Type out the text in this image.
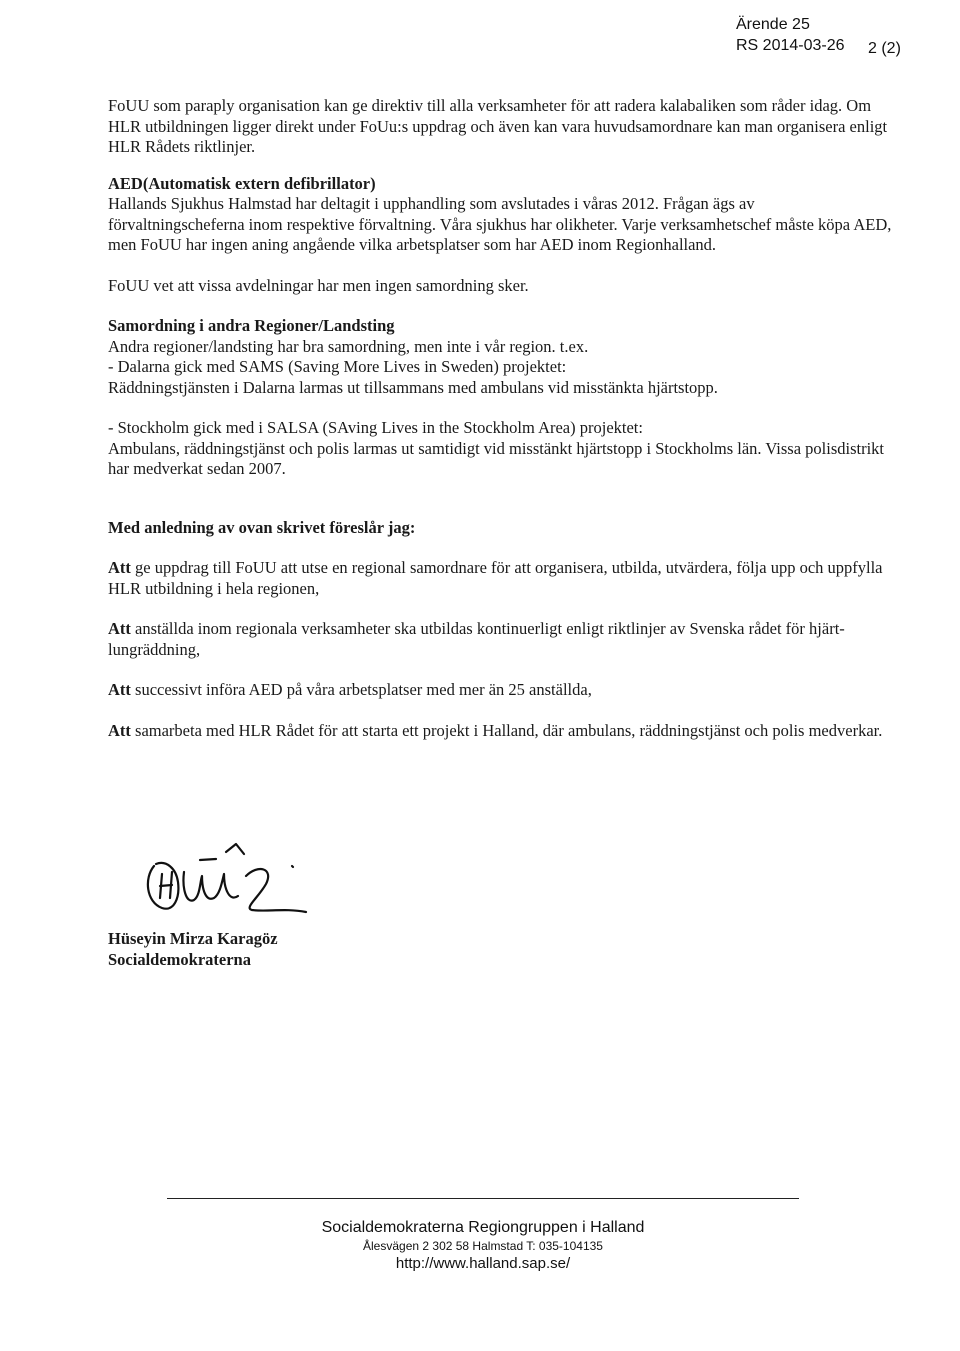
Ärende 25
RS 2014-03-26 2 (2)

FoUU som paraply organisation kan ge direktiv till alla verksamheter för att radera kalabaliken som råder idag. Om HLR utbildningen ligger direkt under FoUu:s uppdrag och även kan vara huvudsamordnare kan man organisera enligt HLR Rådets riktlinjer.

AED(Automatisk extern defibrillator)

Hallands Sjukhus Halmstad har deltagit i upphandling som avslutades i våras 2012. Frågan ägs av förvaltningscheferna inom respektive förvaltning. Våra sjukhus har olikheter. Varje verksamhetschef måste köpa AED, men FoUU har ingen aning angående vilka arbetsplatser som har AED inom Regionhalland.

FoUU vet att vissa avdelningar har men ingen samordning sker.

Samordning i andra Regioner/Landsting

Andra regioner/landsting har bra samordning, men inte i vår region. t.ex.

- Dalarna gick med SAMS (Saving More Lives in Sweden) projektet:

Räddningstjänsten i Dalarna larmas ut tillsammans med ambulans vid misstänkta hjärtstopp.

- Stockholm gick med i SALSA (SAving Lives in the Stockholm Area) projektet:

Ambulans, räddningstjänst och polis larmas ut samtidigt vid misstänkt hjärtstopp i Stockholms län. Vissa polisdistrikt har medverkat sedan 2007.

Med anledning av ovan skrivet föreslår jag:

Att ge uppdrag till FoUU att utse en regional samordnare för att organisera, utbilda, utvärdera, följa upp och uppfylla HLR utbildning i hela regionen,

Att anställda inom regionala verksamheter ska utbildas kontinuerligt enligt riktlinjer av Svenska rådet för hjärt-lungräddning,

Att successivt införa AED på våra arbetsplatser med mer än 25 anställda,

Att samarbeta med HLR Rådet för att starta ett projekt i Halland, där ambulans, räddningstjänst och polis medverkar.

Hüseyin Mirza Karagöz

Socialdemokraterna

Socialdemokraterna Regiongruppen i Halland
Ålesvägen 2 302 58 Halmstad T: 035-104135
http://www.halland.sap.se/
